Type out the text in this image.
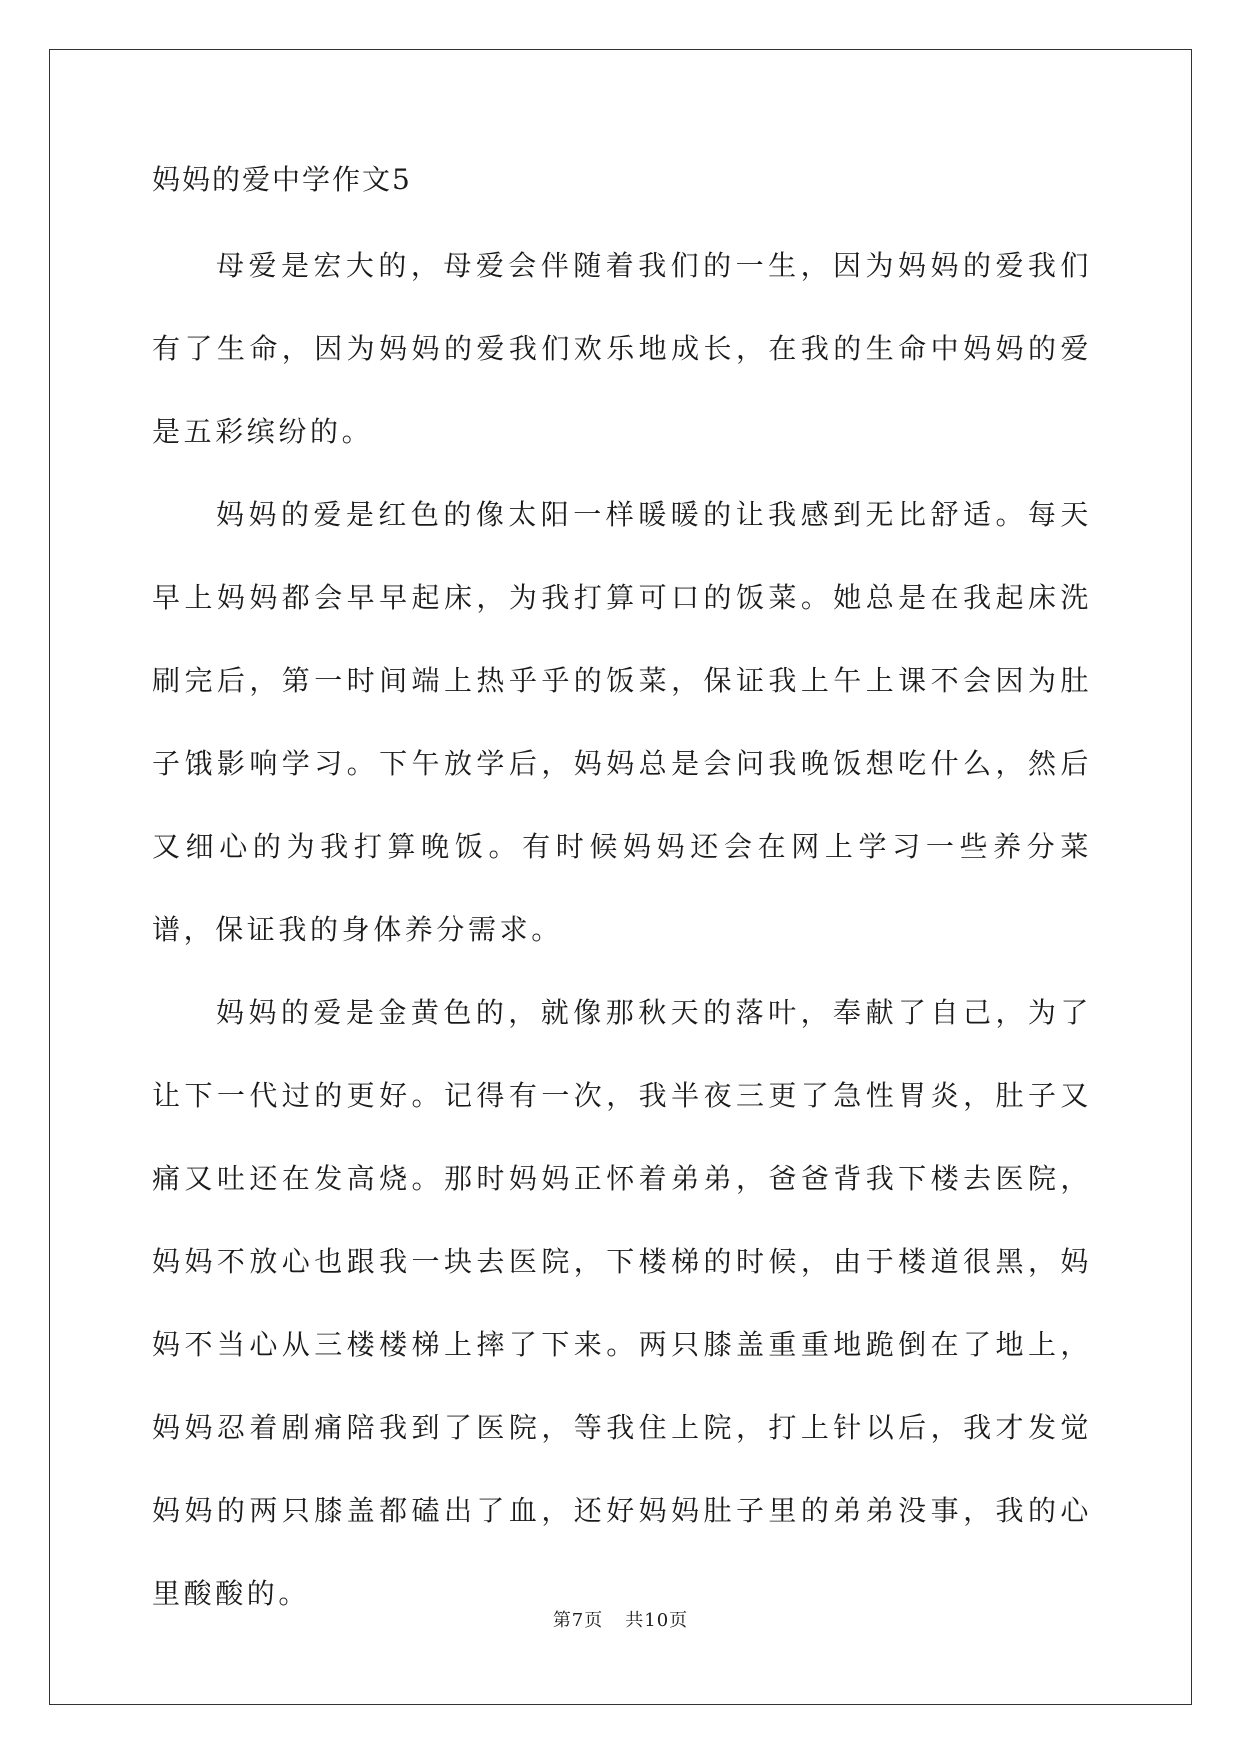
妈妈的爱中学作文5

母爱是宏大的，母爱会伴随着我们的一生，因为妈妈的爱我们有了生命，因为妈妈的爱我们欢乐地成长，在我的生命中妈妈的爱是五彩缤纷的。

妈妈的爱是红色的像太阳一样暖暖的让我感到无比舒适。每天早上妈妈都会早早起床，为我打算可口的饭菜。她总是在我起床洗刷完后，第一时间端上热乎乎的饭菜，保证我上午上课不会因为肚子饿影响学习。下午放学后，妈妈总是会问我晚饭想吃什么，然后又细心的为我打算晚饭。有时候妈妈还会在网上学习一些养分菜谱，保证我的身体养分需求。

妈妈的爱是金黄色的，就像那秋天的落叶，奉献了自己，为了让下一代过的更好。记得有一次，我半夜三更了急性胃炎，肚子又痛又吐还在发高烧。那时妈妈正怀着弟弟，爸爸背我下楼去医院，妈妈不放心也跟我一块去医院，下楼梯的时候，由于楼道很黑，妈妈不当心从三楼楼梯上摔了下来。两只膝盖重重地跪倒在了地上，妈妈忍着剧痛陪我到了医院，等我住上院，打上针以后，我才发觉妈妈的两只膝盖都磕出了血，还好妈妈肚子里的弟弟没事，我的心里酸酸的。

第7页 共10页
